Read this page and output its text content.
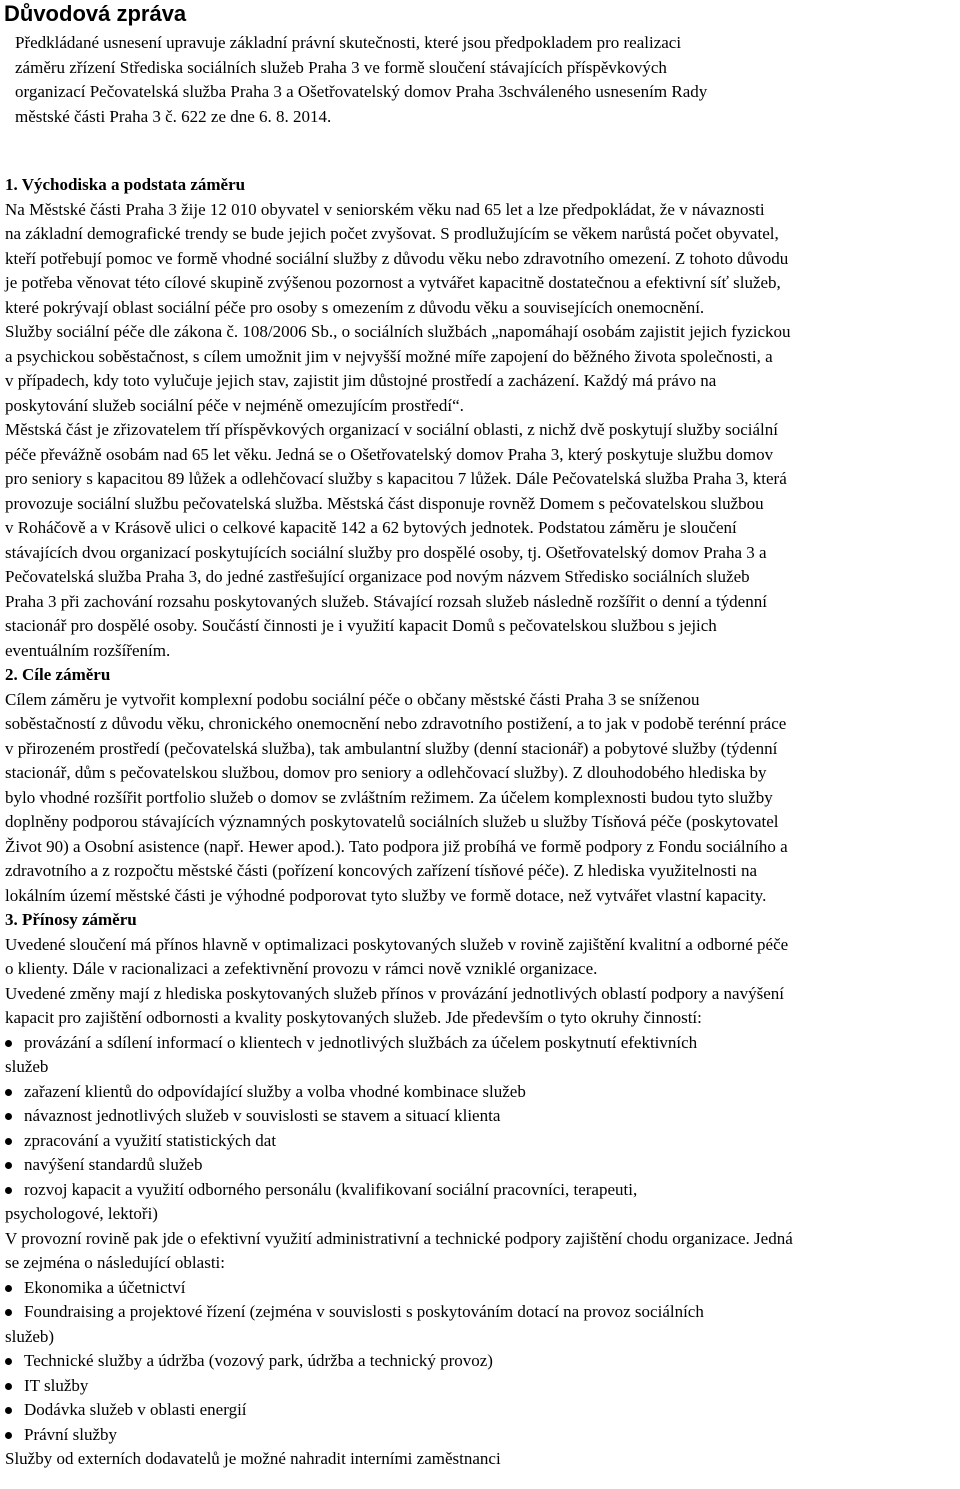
Důvodová zpráva
Předkládané usnesení upravuje základní právní skutečnosti, které jsou předpokladem pro realizaci
záměru zřízení Střediska sociálních služeb Praha 3 ve formě sloučení stávajících příspěvkových
organizací Pečovatelská služba Praha 3 a Ošetřovatelský domov Praha 3schváleného usnesením Rady
městské části Praha 3 č. 622 ze dne 6. 8. 2014.
1. Východiska a podstata záměru
Na Městské části Praha 3 žije 12 010 obyvatel v seniorském věku nad 65 let a lze předpokládat, že v návaznosti
na základní demografické trendy se bude jejich počet zvyšovat. S prodlužujícím se věkem narůstá počet obyvatel,
kteří potřebují pomoc ve formě vhodné sociální služby z důvodu věku nebo zdravotního omezení. Z tohoto důvodu
je potřeba věnovat této cílové skupině zvýšenou pozornost a vytvářet kapacitně dostatečnou a efektivní síť služeb,
které pokrývají oblast sociální péče pro osoby s omezením z důvodu věku a souvisejících onemocnění.
Služby sociální péče dle zákona č. 108/2006 Sb., o sociálních službách „napomáhají osobám zajistit jejich fyzickou
a psychickou soběstačnost, s cílem umožnit jim v nejvyšší možné míře zapojení do běžného života společnosti, a
v případech, kdy toto vylučuje jejich stav, zajistit jim důstojné prostředí a zacházení. Každý má právo na
poskytování služeb sociální péče v nejméně omezujícím prostředí“.
Městská část je zřizovatelem tří příspěvkových organizací v sociální oblasti, z nichž dvě poskytují služby sociální
péče převážně osobám nad 65 let věku. Jedná se o Ošetřovatelský domov Praha 3, který poskytuje službu domov
pro seniory s kapacitou 89 lůžek a odlehčovací služby s kapacitou 7 lůžek. Dále Pečovatelská služba Praha 3, která
provozuje sociální službu pečovatelská služba. Městská část disponuje rovněž Domem s pečovatelskou službou
v Roháčově a v Krásově ulici o celkové kapacitě 142 a 62 bytových jednotek. Podstatou záměru je sloučení
stávajících dvou organizací poskytujících sociální služby pro dospělé osoby, tj. Ošetřovatelský domov Praha 3 a
Pečovatelská služba Praha 3, do jedné zastřešující organizace pod novým názvem Středisko sociálních služeb
Praha 3 při zachování rozsahu poskytovaných služeb. Stávající rozsah služeb následně rozšířit o denní a týdenní
stacionář pro dospělé osoby. Součástí činnosti je i využití kapacit Domů s pečovatelskou službou s jejich
eventuálním rozšířením.
2. Cíle záměru
Cílem záměru je vytvořit komplexní podobu sociální péče o občany městské části Praha 3 se sníženou
soběstačností z důvodu věku, chronického onemocnění nebo zdravotního postižení, a to jak v podobě terénní práce
v přirozeném prostředí (pečovatelská služba), tak ambulantní služby (denní stacionář) a pobytové služby (týdenní
stacionář, dům s pečovatelskou službou, domov pro seniory a odlehčovací služby). Z dlouhodobého hlediska by
bylo vhodné rozšířit portfolio služeb o domov se zvláštním režimem. Za účelem komplexnosti budou tyto služby
doplněny podporou stávajících významných poskytovatelů sociálních služeb u služby Tísňová péče (poskytovatel
Život 90) a Osobní asistence (např. Hewer apod.). Tato podpora již probíhá ve formě podpory z Fondu sociálního a
zdravotního a z rozpočtu městské části (pořízení koncových zařízení tísňové péče). Z hlediska využitelnosti na
lokálním území městské části je výhodné podporovat tyto služby ve formě dotace, než vytvářet vlastní kapacity.
3. Přínosy záměru
Uvedené sloučení má přínos hlavně v optimalizaci poskytovaných služeb v rovině zajištění kvalitní a odborné péče
o klienty. Dále v racionalizaci a zefektivnění provozu v rámci nově vzniklé organizace.
Uvedené změny mají z hlediska poskytovaných služeb přínos v provázání jednotlivých oblastí podpory a navýšení
kapacit pro zajištění odbornosti a kvality poskytovaných služeb. Jde především o tyto okruhy činností:
provázání a sdílení informací o klientech v jednotlivých službách za účelem poskytnutí efektivních
služeb
zařazení klientů do odpovídající služby a volba vhodné kombinace služeb
návaznost jednotlivých služeb v souvislosti se stavem a situací klienta
zpracování a využití statistických dat
navýšení standardů služeb
rozvoj kapacit a využití odborného personálu (kvalifikovaní sociální pracovníci, terapeuti,
psychologové, lektoři)
V provozní rovině pak jde o efektivní využití administrativní a technické podpory zajištění chodu organizace. Jedná
se zejména o následující oblasti:
Ekonomika a účetnictví
Foundraising a projektové řízení (zejména v souvislosti s poskytováním dotací na provoz sociálních
služeb)
Technické služby a údržba (vozový park, údržba a technický provoz)
IT služby
Dodávka služeb v oblasti energií
Právní služby
Služby od externích dodavatelů je možné nahradit interními zaměstnanci
